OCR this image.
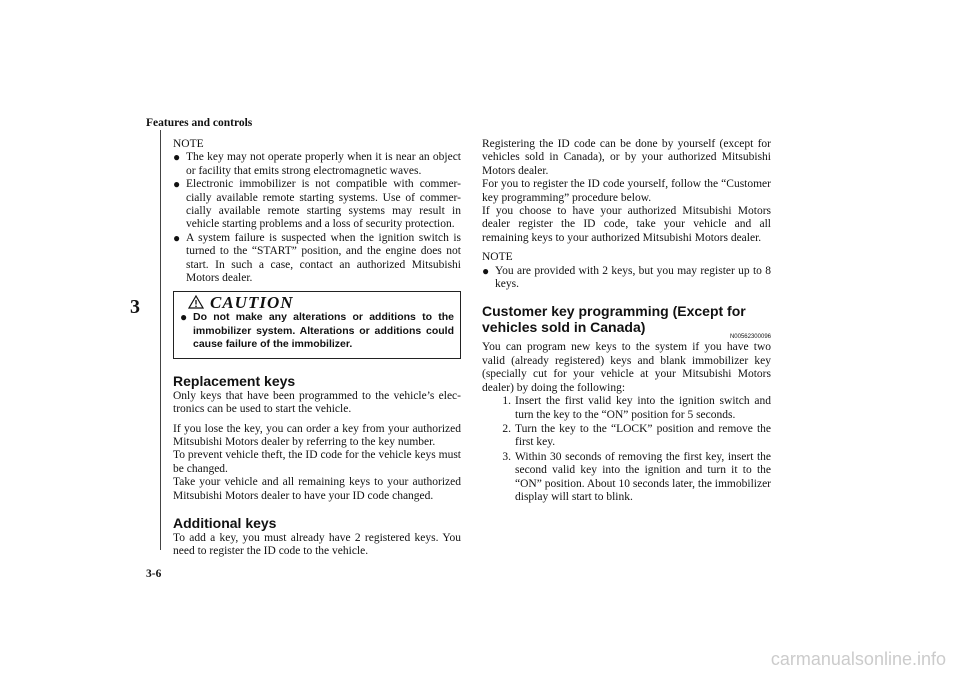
Features and controls
3
3-6
NOTE
● The key may not operate properly when it is near an object or facility that emits strong electromagnetic waves.
● Electronic immobilizer is not compatible with commer-cially available remote starting systems. Use of commer-cially available remote starting systems may result in vehicle starting problems and a loss of security protection.
● A system failure is suspected when the ignition switch is turned to the “START” position, and the engine does not start. In such a case, contact an authorized Mitsubishi Motors dealer.
CAUTION
● Do not make any alterations or additions to the immobilizer system. Alterations or additions could cause failure of the immobilizer.
Replacement keys

Only keys that have been programmed to the vehicle’s elec-tronics can be used to start the vehicle.

If you lose the key, you can order a key from your authorized Mitsubishi Motors dealer by referring to the key number.

To prevent vehicle theft, the ID code for the vehicle keys must be changed.

Take your vehicle and all remaining keys to your authorized Mitsubishi Motors dealer to have your ID code changed.

Additional keys

To add a key, you must already have 2 registered keys. You need to register the ID code to the vehicle.

Registering the ID code can be done by yourself (except for vehicles sold in Canada), or by your authorized Mitsubishi Motors dealer.

For you to register the ID code yourself, follow the “Customer key programming” procedure below.

If you choose to have your authorized Mitsubishi Motors dealer register the ID code, take your vehicle and all remaining keys to your authorized Mitsubishi Motors dealer.

NOTE
● You are provided with 2 keys, but you may register up to 8 keys.
Customer key programming (Except for vehicles sold in Canada)
N00562300096

You can program new keys to the system if you have two valid (already registered) keys and blank immobilizer key (specially cut for your vehicle at your Mitsubishi Motors dealer) by doing the following:

1. Insert the first valid key into the ignition switch and turn the key to the “ON” position for 5 seconds.
2. Turn the key to the “LOCK” position and remove the first key.
3. Within 30 seconds of removing the first key, insert the second valid key into the ignition and turn it to the “ON” position. About 10 seconds later, the immobilizer display will start to blink.
carmanualsonline.info
